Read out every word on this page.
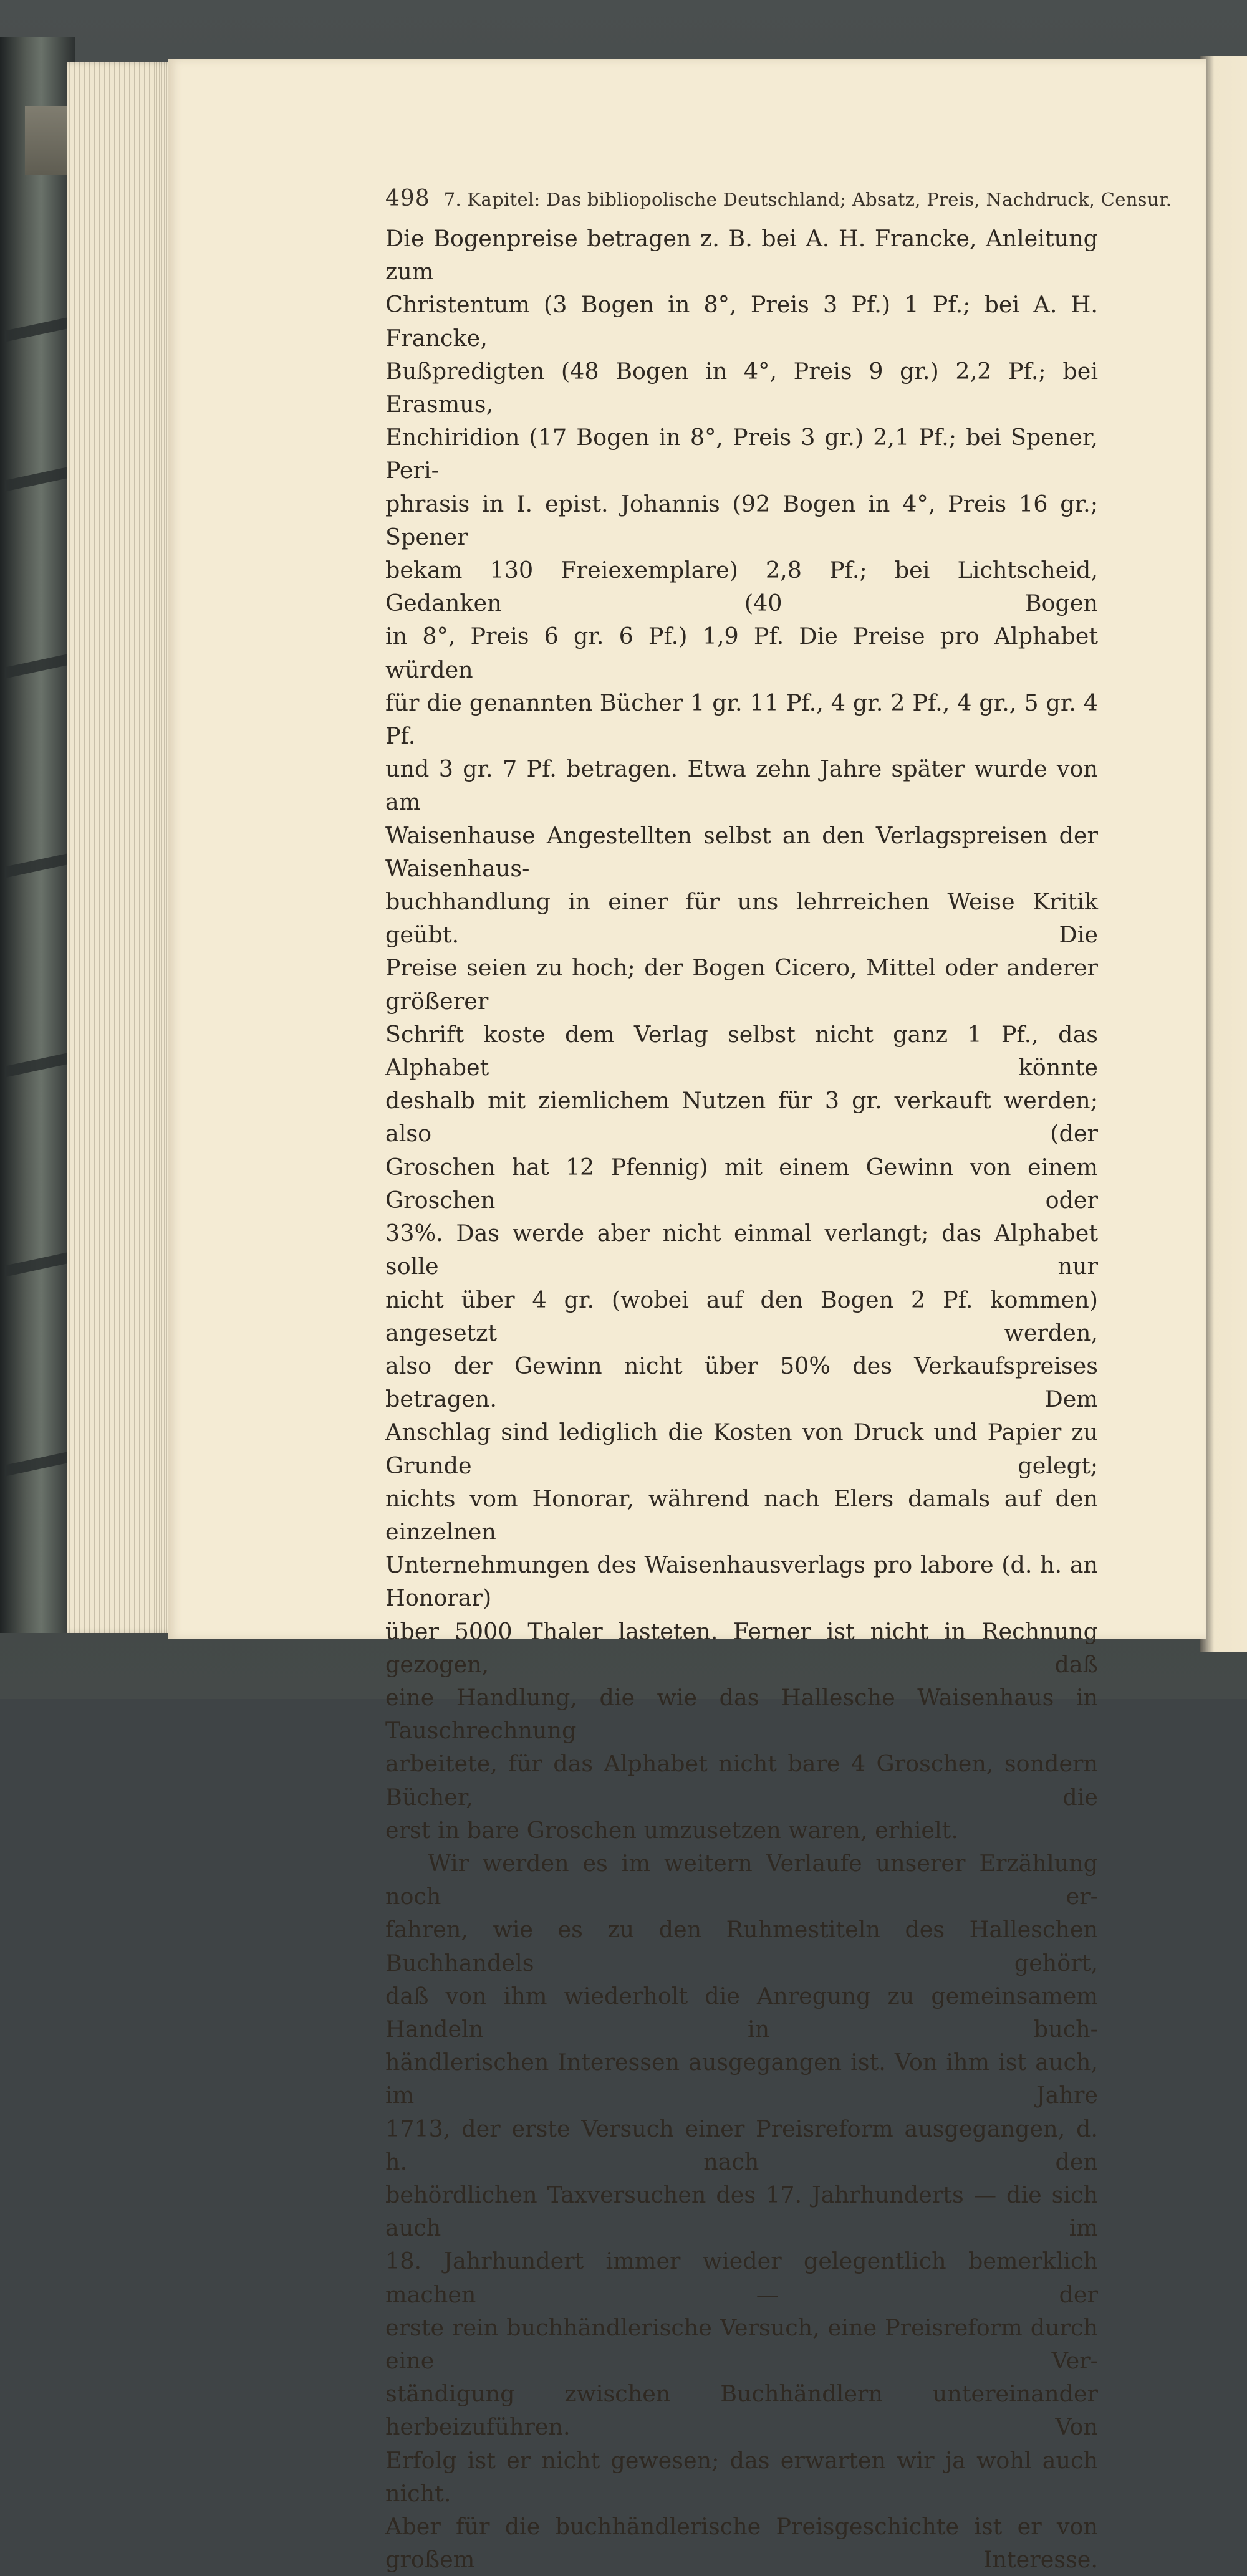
498 7. Kapitel: Das bibliopolische Deutschland; Absatz, Preis, Nachdruck, Censur.

Die Bogenpreise betragen z. B. bei A. H. Francke, Anleitung zum

Christentum (3 Bogen in 8°, Preis 3 Pf.) 1 Pf.; bei A. H. Francke,

Bußpredigten (48 Bogen in 4°, Preis 9 gr.) 2,2 Pf.; bei Erasmus,

Enchiridion (17 Bogen in 8°, Preis 3 gr.) 2,1 Pf.; bei Spener, Peri-

phrasis in I. epist. Johannis (92 Bogen in 4°, Preis 16 gr.; Spener

bekam 130 Freiexemplare) 2,8 Pf.; bei Lichtscheid, Gedanken (40 Bogen

in 8°, Preis 6 gr. 6 Pf.) 1,9 Pf. Die Preise pro Alphabet würden

für die genannten Bücher 1 gr. 11 Pf., 4 gr. 2 Pf., 4 gr., 5 gr. 4 Pf.

und 3 gr. 7 Pf. betragen. Etwa zehn Jahre später wurde von am

Waisenhause Angestellten selbst an den Verlagspreisen der Waisenhaus-

buchhandlung in einer für uns lehrreichen Weise Kritik geübt. Die

Preise seien zu hoch; der Bogen Cicero, Mittel oder anderer größerer

Schrift koste dem Verlag selbst nicht ganz 1 Pf., das Alphabet könnte

deshalb mit ziemlichem Nutzen für 3 gr. verkauft werden; also (der

Groschen hat 12 Pfennig) mit einem Gewinn von einem Groschen oder

33%. Das werde aber nicht einmal verlangt; das Alphabet solle nur

nicht über 4 gr. (wobei auf den Bogen 2 Pf. kommen) angesetzt werden,

also der Gewinn nicht über 50% des Verkaufspreises betragen. Dem

Anschlag sind lediglich die Kosten von Druck und Papier zu Grunde gelegt;

nichts vom Honorar, während nach Elers damals auf den einzelnen

Unternehmungen des Waisenhausverlags pro labore (d. h. an Honorar)

über 5000 Thaler lasteten. Ferner ist nicht in Rechnung gezogen, daß

eine Handlung, die wie das Hallesche Waisenhaus in Tauschrechnung

arbeitete, für das Alphabet nicht bare 4 Groschen, sondern Bücher, die

erst in bare Groschen umzusetzen waren, erhielt.

Wir werden es im weitern Verlaufe unserer Erzählung noch er-

fahren, wie es zu den Ruhmestiteln des Halleschen Buchhandels gehört,

daß von ihm wiederholt die Anregung zu gemeinsamem Handeln in buch-

händlerischen Interessen ausgegangen ist. Von ihm ist auch, im Jahre

1713, der erste Versuch einer Preisreform ausgegangen, d. h. nach den

behördlichen Taxversuchen des 17. Jahrhunderts — die sich auch im

18. Jahrhundert immer wieder gelegentlich bemerklich machen — der

erste rein buchhändlerische Versuch, eine Preisreform durch eine Ver-

ständigung zwischen Buchhändlern untereinander herbeizuführen. Von

Erfolg ist er nicht gewesen; das erwarten wir ja wohl auch nicht.

Aber für die buchhändlerische Preisgeschichte ist er von großem Interesse.
